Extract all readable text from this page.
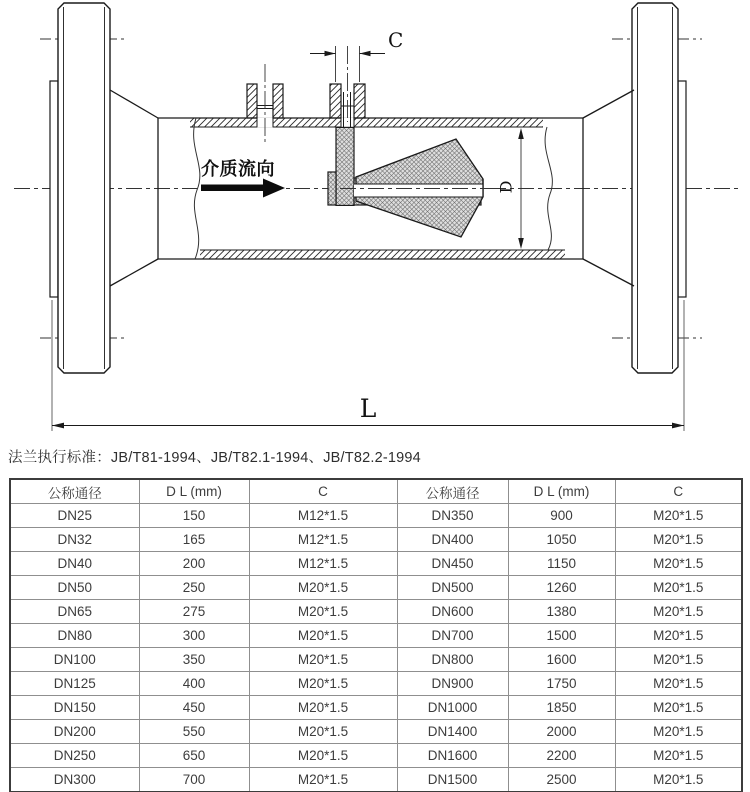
C
介质流向
D
L
法兰执行标准：JB/T81-1994、JB/T82.1-1994、JB/T82.2-1994
公称通径	D L (mm)	C	公称通径	D L (mm)	C
DN25	150	M12*1.5	DN350	900	M20*1.5
DN32	165	M12*1.5	DN400	1050	M20*1.5
DN40	200	M12*1.5	DN450	1150	M20*1.5
DN50	250	M20*1.5	DN500	1260	M20*1.5
DN65	275	M20*1.5	DN600	1380	M20*1.5
DN80	300	M20*1.5	DN700	1500	M20*1.5
DN100	350	M20*1.5	DN800	1600	M20*1.5
DN125	400	M20*1.5	DN900	1750	M20*1.5
DN150	450	M20*1.5	DN1000	1850	M20*1.5
DN200	550	M20*1.5	DN1400	2000	M20*1.5
DN250	650	M20*1.5	DN1600	2200	M20*1.5
DN300	700	M20*1.5	DN1500	2500	M20*1.5
